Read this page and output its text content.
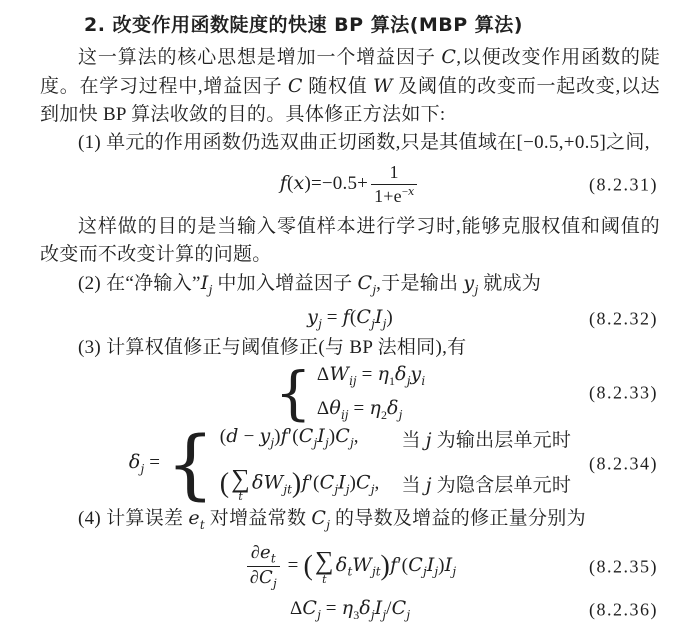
2. 改变作用函数陡度的快速 BP 算法(MBP 算法)

这一算法的核心思想是增加一个增益因子 C,以便改变作用函数的陡度。在学习过程中,增益因子 C 随权值 W 及阈值的改变而一起改变,以达到加快 BP 算法收敛的目的。具体修正方法如下:

(1) 单元的作用函数仍选双曲正切函数,只是其值域在[−0.5,+0.5]之间,

$f(x)=-0.5+ \frac{1}{1+e^{-x}}$	(8.2.31)

这样做的目的是当输入零值样本进行学习时,能够克服权值和阈值的改变而不改变计算的问题。

(2) 在“净输入$”I_j$ 中加入增益因子 $C_j$,于是输出 $y_j$ 就成为

$y_j = f(C_jI_j)$	(8.2.32)

(3) 计算权值修正与阈值修正(与 BP 法相同),有

{ $\Delta W_{ij} = \eta_1\delta_jy_i$
$\Delta\theta_{ij} = \eta_2\delta_j$
(8.2.33)
$\delta_j$ = { $(d - y_j)f'(C_jI_j)C_j$, 当 j 为输出层单元时
( ∑
t
$\delta W_{jt})f'(C_jI_j)C_j$, 当 j 为隐含层单元时
(8.2.34)

(4) 计算误差 $e_t$ 对增益常数 $C_j$ 的导数及增益的修正量分别为

$\frac{\partial e_t}{\partial C_j}$ = ( ∑
t
$\delta_tW_{jt})f'(C_jI_j)I_j$	(8.2.35)
$\Delta C_j = \eta_3\delta_jI_j/C_j$	(8.2.36)
